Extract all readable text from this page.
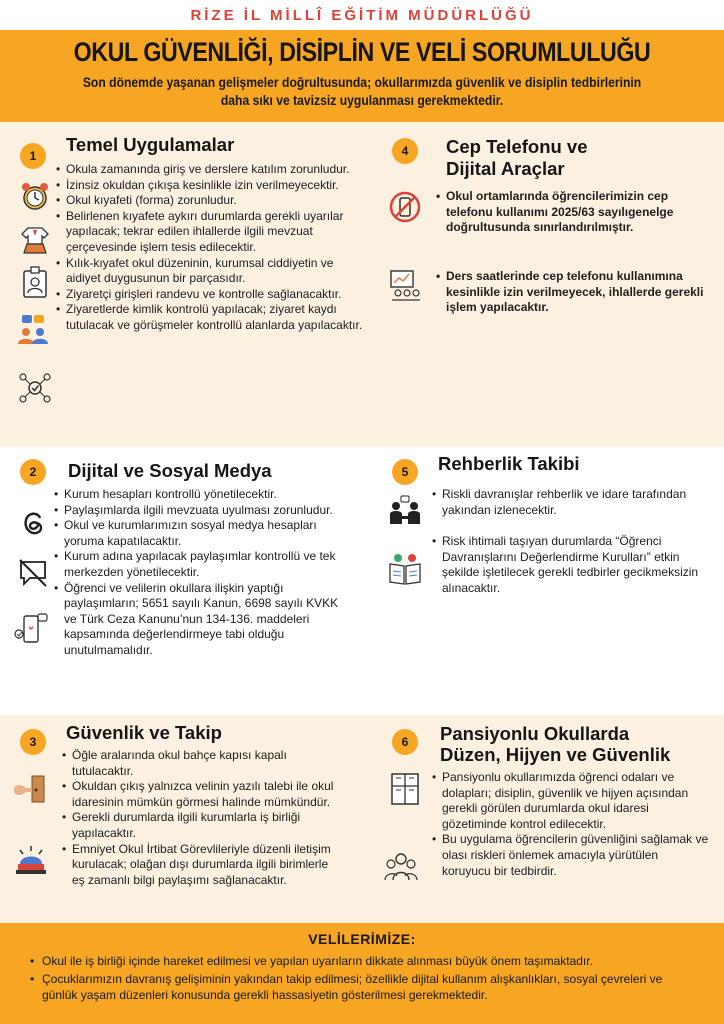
RİZE İL MİLLÎ EĞİTİM MÜDÜRLÜĞÜ
OKUL GÜVENLİĞİ, DİSİPLİN VE VELİ SORUMLULUĞU

Son dönemde yaşanan gelişmeler doğrultusunda; okullarımızda güvenlik ve disiplin tedbirlerinin
daha sıkı ve tavizsiz uygulanması gerekmektedir.

1
Temel Uygulamalar
• Okula zamanında giriş ve derslere katılım zorunludur.
• İzinsiz okuldan çıkışa kesinlikle izin verilmeyecektir.
• Okul kıyafeti (forma) zorunludur.
• Belirlenen kıyafete aykırı durumlarda gerekli uyarılar yapılacak; tekrar edilen ihlallerde ilgili mevzuat çerçevesinde işlem tesis edilecektir.
• Kılık-kıyafet okul düzeninin, kurumsal ciddiyetin ve aidiyet duygusunun bir parçasıdır.
• Ziyaretçi girişleri randevu ve kontrolle sağlanacaktır.
• Ziyaretlerde kimlik kontrolü yapılacak; ziyaret kaydı tutulacak ve görüşmeler kontrollü alanlarda yapılacaktır.
4	Cep Telefonu ve
Dijital Araçlar
• Okul ortamlarında öğrencilerimizin cep telefonu kullanımı 2025/63 sayılıgenelge doğrultusunda sınırlandırılmıştır.
• Ders saatlerinde cep telefonu kullanımına kesinlikle izin verilmeyecek, ihlallerde gerekli işlem yapılacaktır.
2	Dijital ve Sosyal Medya
• Kurum hesapları kontrollü yönetilecektir.
• Paylaşımlarda ilgili mevzuata uyulması zorunludur.
• Okul ve kurumlarımızın sosyal medya hesapları yoruma kapatılacaktır.
• Kurum adına yapılacak paylaşımlar kontrollü ve tek merkezden yönetilecektir.
• Öğrenci ve velilerin okullara ilişkin yaptığı paylaşımların; 5651 sayılı Kanun, 6698 sayılı KVKK ve Türk Ceza Kanunu’nun 134-136. maddeleri kapsamında değerlendirmeye tabi olduğu unutulmamalıdır.
5	Rehberlik Takibi
• Riskli davranışlar rehberlik ve idare tarafından yakından izlenecektir.
• Risk ihtimali taşıyan durumlarda “Öğrenci Davranışlarını Değerlendirme Kurulları” etkin şekilde işletilecek gerekli tedbirler gecikmeksizin alınacaktır.
3	Güvenlik ve Takip
• Öğle aralarında okul bahçe kapısı kapalı tutulacaktır.
• Okuldan çıkış yalnızca velinin yazılı talebi ile okul idaresinin mümkün görmesi halinde mümkündür.
• Gerekli durumlarda ilgili kurumlarla iş birliği yapılacaktır.
• Emniyet Okul İrtibat Görevlileriyle düzenli iletişim kurulacak; olağan dışı durumlarda ilgili birimlerle eş zamanlı bilgi paylaşımı sağlanacaktır.
6	Pansiyonlu Okullarda
Düzen, Hijyen ve Güvenlik
• Pansiyonlu okullarımızda öğrenci odaları ve dolapları; disiplin, güvenlik ve hijyen açısından gerekli görülen durumlarda okul idaresi gözetiminde kontrol edilecektir.
• Bu uygulama öğrencilerin güvenliğini sağlamak ve olası riskleri önlemek amacıyla yürütülen koruyucu bir tedbirdir.
VELİLERİMİZE:
• Okul ile iş birliği içinde hareket edilmesi ve yapılan uyarıların dikkate alınması büyük önem taşımaktadır.
• Çocuklarımızın davranış gelişiminin yakından takip edilmesi; özellikle dijital kullanım alışkanlıkları, sosyal çevreleri ve günlük yaşam düzenleri konusunda gerekli hassasiyetin gösterilmesi gerekmektedir.
